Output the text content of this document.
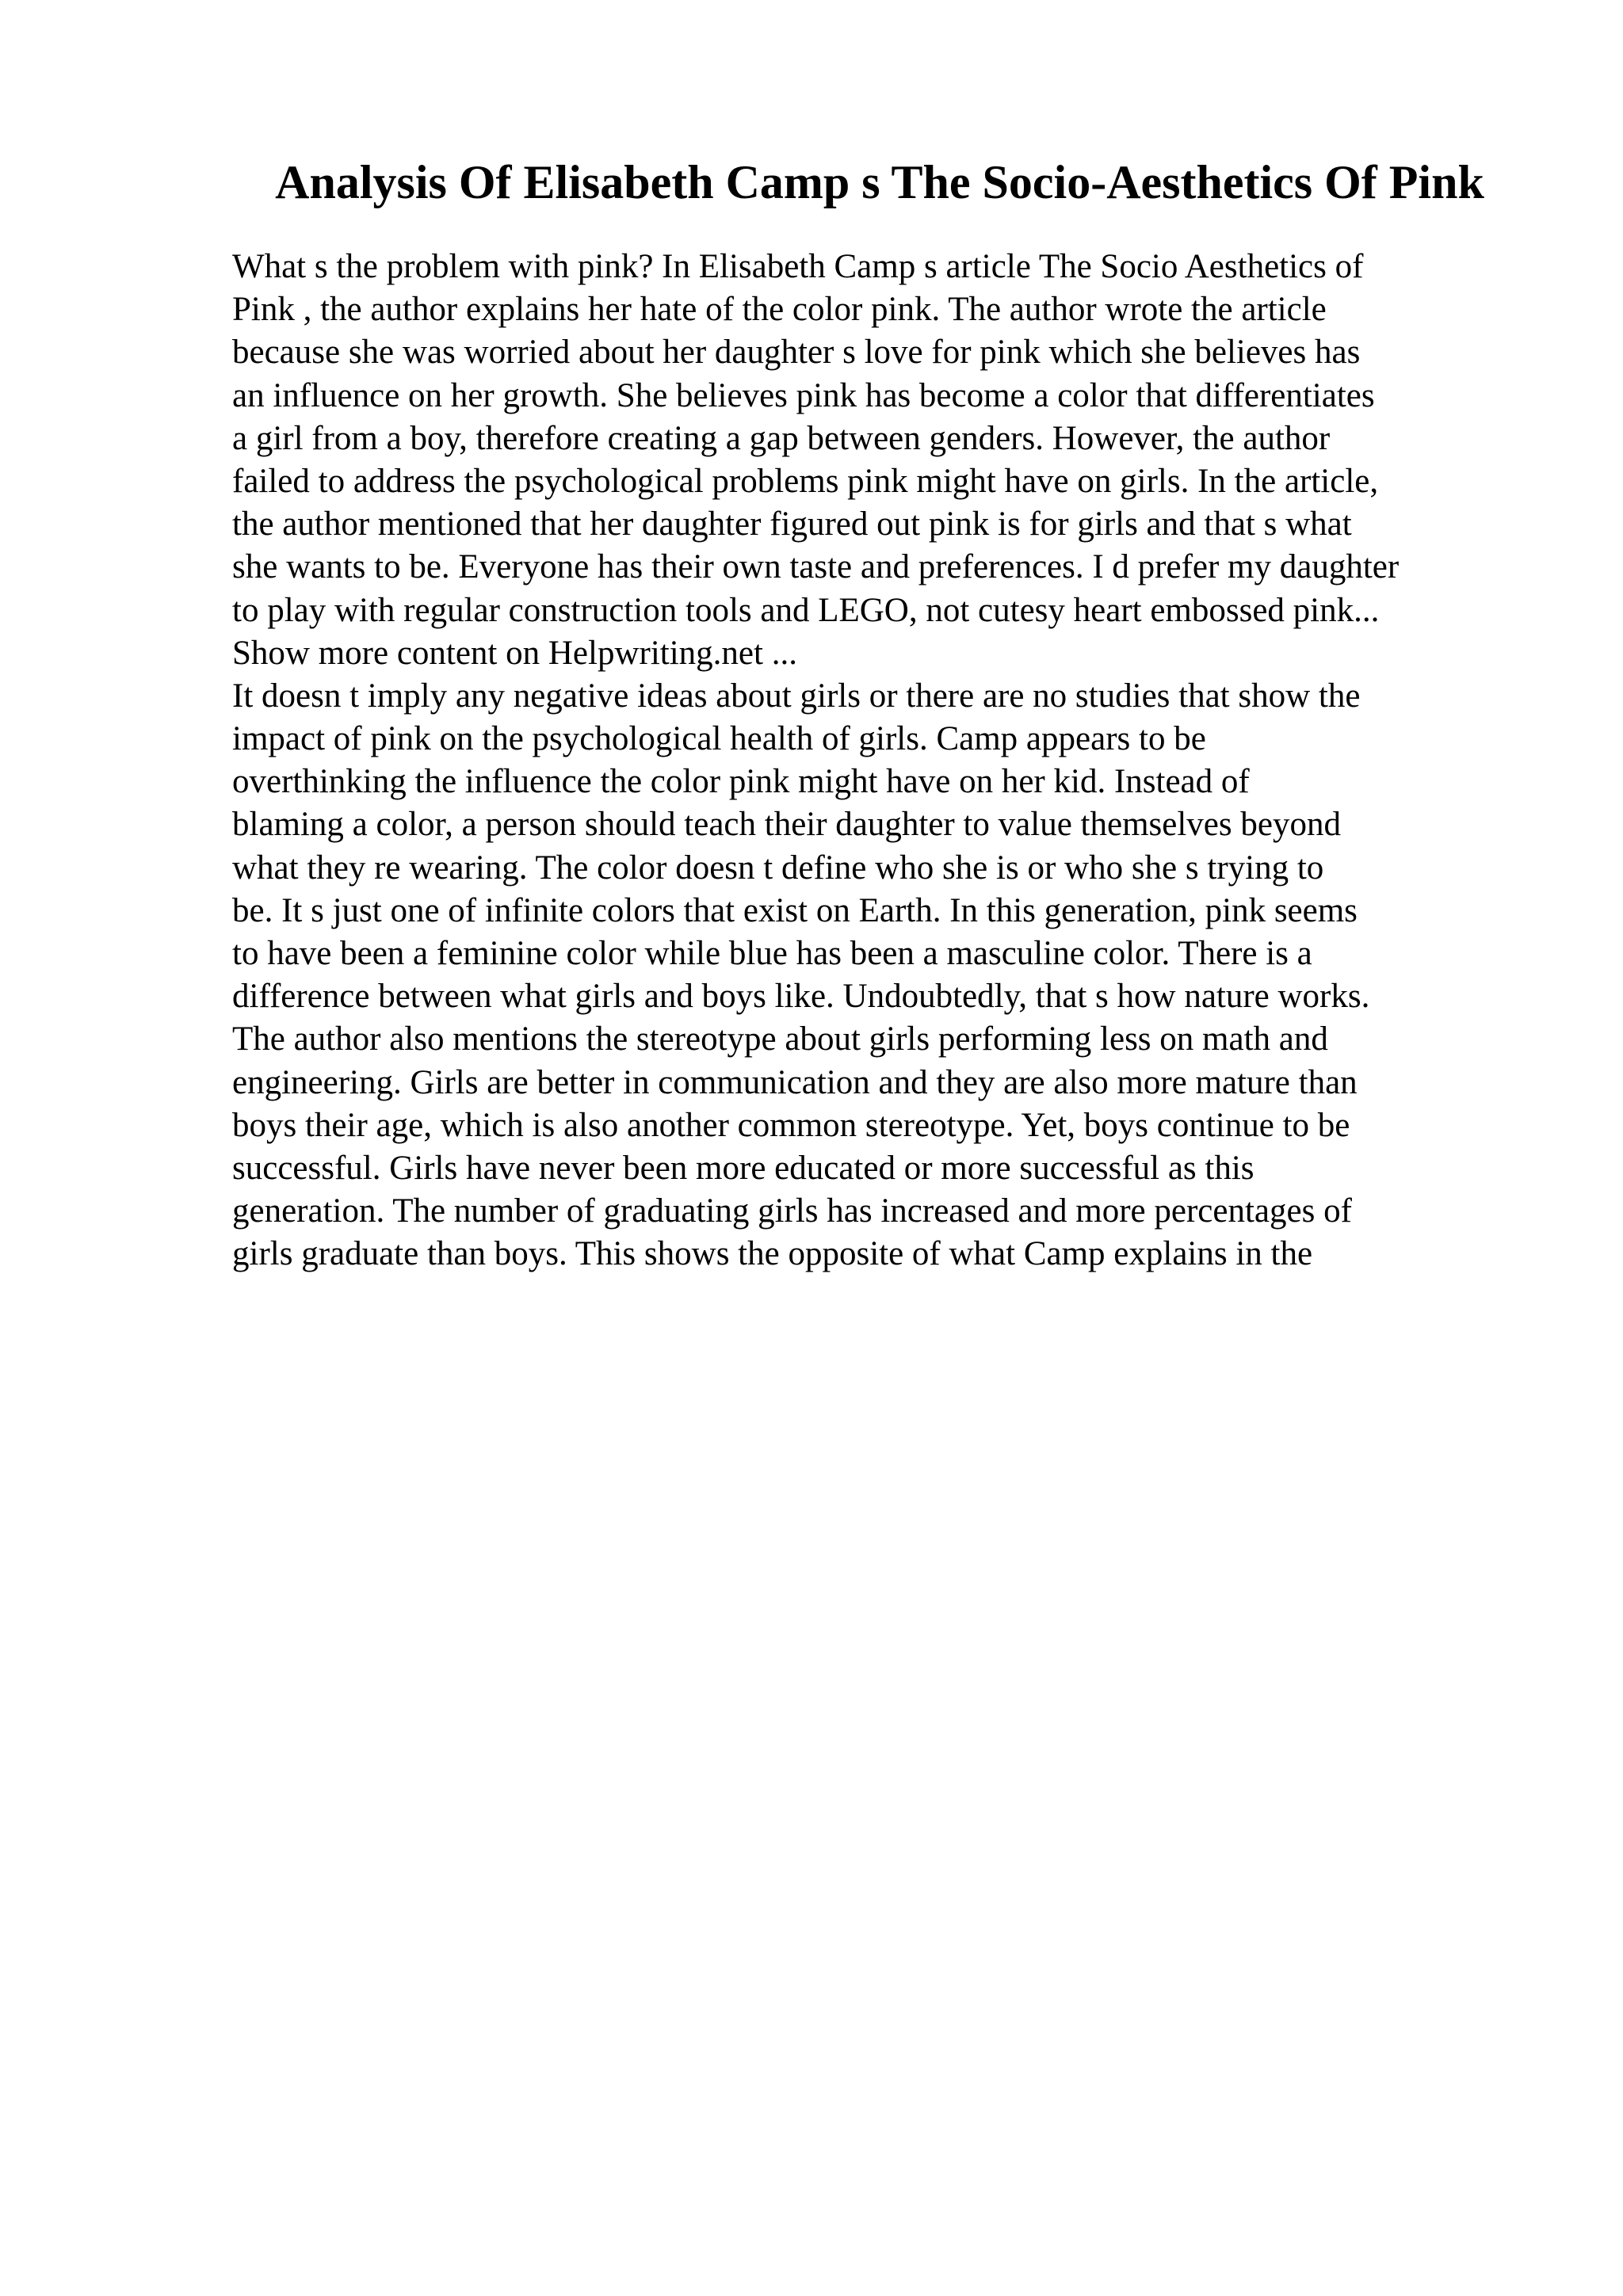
Analysis Of Elisabeth Camp s The Socio-Aesthetics Of Pink
What s the problem with pink? In Elisabeth Camp s article The Socio Aesthetics of
Pink , the author explains her hate of the color pink. The author wrote the article
because she was worried about her daughter s love for pink which she believes has
an influence on her growth. She believes pink has become a color that differentiates
a girl from a boy, therefore creating a gap between genders. However, the author
failed to address the psychological problems pink might have on girls. In the article,
the author mentioned that her daughter figured out pink is for girls and that s what
she wants to be. Everyone has their own taste and preferences. I d prefer my daughter
to play with regular construction tools and LEGO, not cutesy heart embossed pink...
Show more content on Helpwriting.net ...
It doesn t imply any negative ideas about girls or there are no studies that show the
impact of pink on the psychological health of girls. Camp appears to be
overthinking the influence the color pink might have on her kid. Instead of
blaming a color, a person should teach their daughter to value themselves beyond
what they re wearing. The color doesn t define who she is or who she s trying to
be. It s just one of infinite colors that exist on Earth. In this generation, pink seems
to have been a feminine color while blue has been a masculine color. There is a
difference between what girls and boys like. Undoubtedly, that s how nature works.
The author also mentions the stereotype about girls performing less on math and
engineering. Girls are better in communication and they are also more mature than
boys their age, which is also another common stereotype. Yet, boys continue to be
successful. Girls have never been more educated or more successful as this
generation. The number of graduating girls has increased and more percentages of
girls graduate than boys. This shows the opposite of what Camp explains in the
